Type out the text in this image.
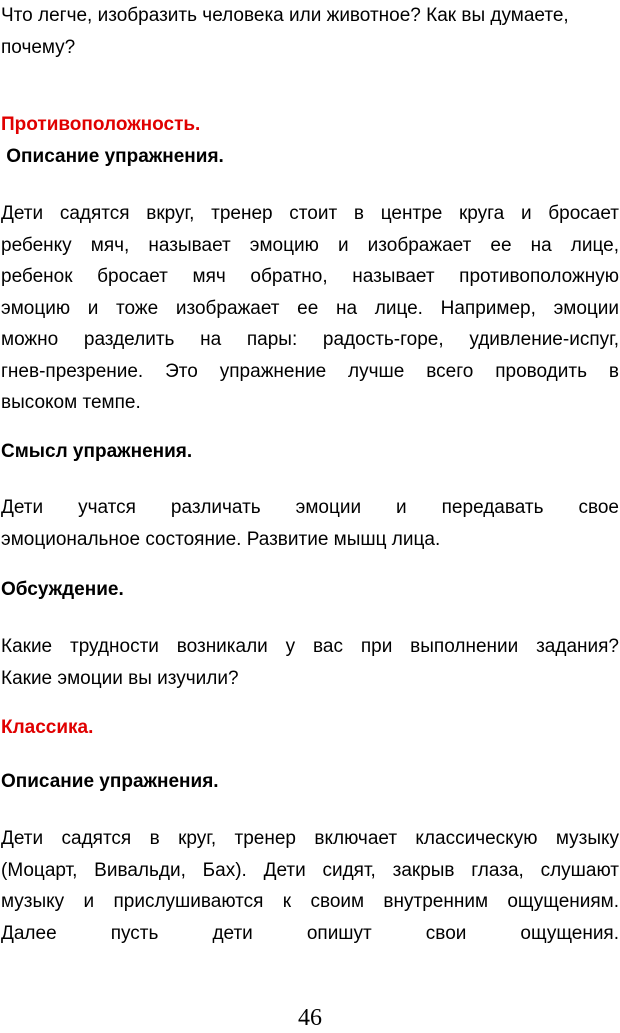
Что легче, изобразить человека или животное? Как вы думаете,
почему?
Противоположность.
Описание упражнения.
Дети садятся вкруг, тренер стоит в центре круга и бросает
ребенку мяч, называет эмоцию и изображает ее на лице,
ребенок бросает мяч обратно, называет противоположную
эмоцию и тоже изображает ее на лице. Например, эмоции
можно разделить на пары: радость-горе, удивление-испуг,
гнев-презрение. Это упражнение лучше всего проводить в
высоком темпе.
Смысл упражнения.
Дети учатся различать эмоции и передавать свое
эмоциональное состояние. Развитие мышц лица.
Обсуждение.
Какие трудности возникали у вас при выполнении задания?
Какие эмоции вы изучили?
Классика.
Описание упражнения.
Дети садятся в круг, тренер включает классическую музыку
(Моцарт, Вивальди, Бах). Дети сидят, закрыв глаза, слушают
музыку и прислушиваются к своим внутренним ощущениям.
Далее пусть дети опишут свои ощущения.
46
